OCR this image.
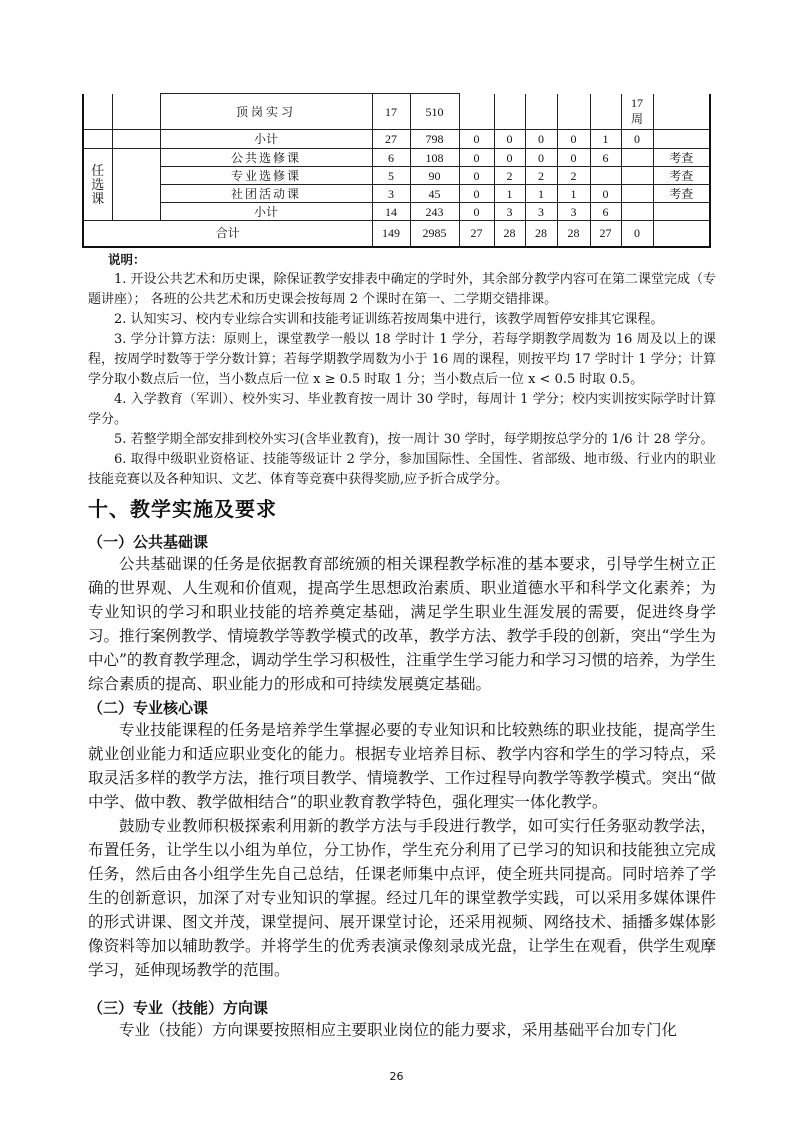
		顶岗实习	17	510						17
周	
		小计	27	798	0	0	0	0	1	0	
任
选
课		公共选修课	6	108	0	0	0	0	6		考查
		专业选修课	5	90	0	2	2	2			考查
		社团活动课	3	45	0	1	1	1	0		考查
		小计	14	243	0	3	3	3	6		
合计			149	2985	27	28	28	28	27	0	

说明：

1. 开设公共艺术和历史课，除保证教学安排表中确定的学时外，其余部分教学内容可在第二课堂完成（专题讲座）； 各班的公共艺术和历史课会按每周 2 个课时在第一、二学期交错排课。

2. 认知实习、校内专业综合实训和技能考证训练若按周集中进行，该教学周暂停安排其它课程。

3. 学分计算方法：原则上，课堂教学一般以 18 学时计 1 学分，若每学期教学周数为 16 周及以上的课程，按周学时数等于学分数计算；若每学期教学周数为小于 16 周的课程，则按平均 17 学时计 1 学分；计算学分取小数点后一位，当小数点后一位 x ≥ 0.5 时取 1 分；当小数点后一位 x < 0.5 时取 0.5。

4. 入学教育（军训）、校外实习、毕业教育按一周计 30 学时，每周计 1 学分；校内实训按实际学时计算学分。

5. 若整学期全部安排到校外实习(含毕业教育)，按一周计 30 学时，每学期按总学分的 1/6 计 28 学分。

6. 取得中级职业资格证、技能等级证计 2 学分，参加国际性、全国性、省部级、地市级、行业内的职业技能竞赛以及各种知识、文艺、体育等竞赛中获得奖励,应予折合成学分。

十、教学实施及要求
（一）公共基础课

公共基础课的任务是依据教育部统颁的相关课程教学标准的基本要求，引导学生树立正确的世界观、人生观和价值观，提高学生思想政治素质、职业道德水平和科学文化素养；为专业知识的学习和职业技能的培养奠定基础，满足学生职业生涯发展的需要，促进终身学习。推行案例教学、情境教学等教学模式的改革，教学方法、教学手段的创新，突出“学生为中心”的教育教学理念，调动学生学习积极性，注重学生学习能力和学习习惯的培养，为学生综合素质的提高、职业能力的形成和可持续发展奠定基础。

（二）专业核心课

专业技能课程的任务是培养学生掌握必要的专业知识和比较熟练的职业技能，提高学生就业创业能力和适应职业变化的能力。根据专业培养目标、教学内容和学生的学习特点，采取灵活多样的教学方法，推行项目教学、情境教学、工作过程导向教学等教学模式。突出“做中学、做中教、教学做相结合”的职业教育教学特色，强化理实一体化教学。

鼓励专业教师积极探索利用新的教学方法与手段进行教学，如可实行任务驱动教学法，布置任务，让学生以小组为单位，分工协作，学生充分利用了已学习的知识和技能独立完成任务，然后由各小组学生先自己总结，任课老师集中点评，使全班共同提高。同时培养了学生的创新意识，加深了对专业知识的掌握。经过几年的课堂教学实践，可以采用多媒体课件的形式讲课、图文并茂，课堂提问、展开课堂讨论，还采用视频、网络技术、插播多媒体影像资料等加以辅助教学。并将学生的优秀表演录像刻录成光盘，让学生在观看，供学生观摩学习，延伸现场教学的范围。

（三）专业（技能）方向课

专业（技能）方向课要按照相应主要职业岗位的能力要求，采用基础平台加专门化

26
